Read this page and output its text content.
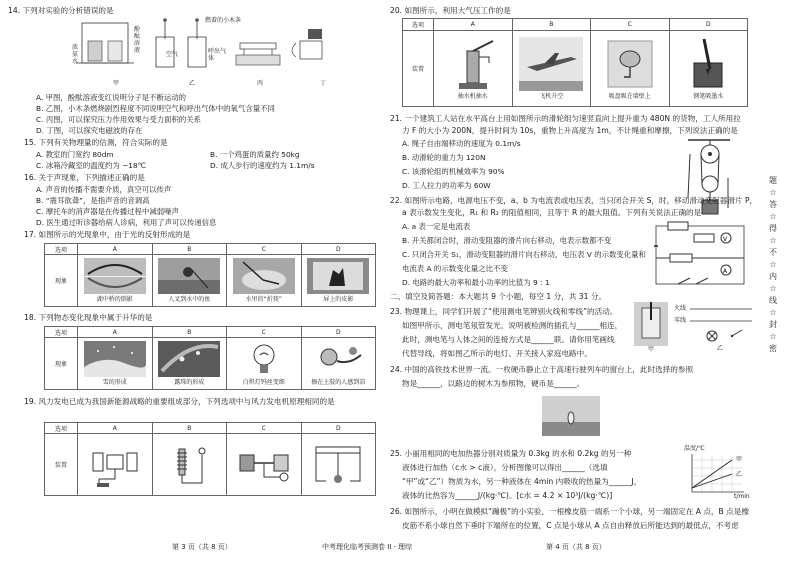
14. 下列对实验的分析错误的是
浓氨水
酚酞溶液
燃着的小木条
空气	呼出气体
甲	乙	丙	丁
A. 甲图，酚酞溶液变红说明分子是不断运动的
B. 乙图，小木条燃烧剧烈程度不同说明空气和呼出气体中的氧气含量不同
C. 丙图，可以探究压力作用效果与受力面积的关系
D. 丁图，可以探究电磁波的存在
15. 下列有关物理量的估测，符合实际的是
A. 教室的门宽约 80dm	B. 一个鸡蛋的质量约 50kg
C. 冰箱冷藏室的温度约为 −18℃	D. 成人步行的速度约为 1.1m/s
16. 关于声现象，下列描述正确的是
A. 声音的传播不需要介质，真空可以传声
B. “震耳欲聋”，是指声音的音调高
C. 摩托车的消声器是在传播过程中减弱噪声
D. 医生通过听诊器给病人诊病，利用了声可以传递信息
17. 如图所示的光现象中，由于光的反射形成的是
选项	A	B	C	D
现象	湖中桥的倒影	人叉到水中的鱼	水里的“折筷”	屏上的皮影
18. 下列物态变化现象中属于升华的是
选项	A	B	C	D
现象	雪的形成	露珠的形成	白炽灯钨丝变细	擦在上肢的人感到凉
19. 风力发电已成为我国新能源战略的重要组成部分，下列选项中与风力发电机原理相同的是
选项	A	B	C	D
装置	

第 3 页（共 8 页）	中考理化临考预测卷 II · 理综
20. 如图所示，利用大气压工作的是
选项	A	B	C	D
装置	抽水机抽水	飞机升空	吸盘吸在墙壁上	钢笔吸墨水
21. 一个建筑工人站在水平高台上用如图所示的滑轮组匀速竖直向上提升重为 480N 的货物，工人所用拉
力 F 的大小为 200N，提升时间为 10s，重物上升高度为 1m，不计绳重和摩擦，下列说法正确的是
A. 绳子自由端移动的速度为 0.1m/s
B. 动滑轮的重力为 120N
C. 该滑轮组的机械效率为 90%
D. 工人拉力的功率为 60W
22. 如图所示电路，电源电压不变，a、b 为电流表或电压表，当只闭合开关 S，时，移动滑动变阻器滑片 P，
a 表示数发生变化，R₁ 和 R₂ 的阻值相同，且等于 R 的最大阻值。下列有关说法正确的是
A. a 表一定是电流表
B. 开关都闭合时，滑动变阻器的滑片向右移动，电表示数都不变
C. 只闭合开关 S₁，滑动变阻器的滑片向右移动，电压表 V 的示数变化量和
电流表 A 的示数变化量之比不变
D. 电路的最大功率和最小功率的比值为 9 : 1
V
A
二、填空及简答题：本大题共 9 个小题，每空 1 分，共 31 分。
23. 物理课上，同学们开展了“使用测电笔辨别火线和零线”的活动。
如图甲所示，测电笔氖管发光，说明被检测的插孔与______相连，
此时，测电笔与人体之间的连接方式是______联。请你用笔画线
代替导线，将如图乙所示的电灯、开关接入家庭电路中。	甲
火线
零线
乙
24. 中国的高铁技术世界一流。一枚硬币静止立于高速行驶列车的窗台上，此时选择的参照
物是______，以路边的树木为参照物，硬币是______。
25. 小丽用相同的电加热器分别对质量为 0.3kg 的水和 0.2kg 的另一种
液体进行加热（c水 > c液），分析图像可以得出______（选填
“甲”或“乙”）物质为水，另一种液体在 4min 内吸收的热量为______J，
液体的比热容为______J/(kg·℃)。[c水 = 4.2 × 10³J/(kg·℃)]
温度/℃
甲
乙
t/min
26. 如图所示，小明在做模拟“蹦极”的小实验，一根橡皮筋一端系一个小球，另一端固定在 A 点，B 点是橡
皮筋不系小球自然下垂时下端所在的位置，C 点是小球从 A 点自由释放后所能达到的最低点，不考虑
第 4 页（共 8 页）
题
☆
答
☆
得
☆
不
☆
内
☆
线
☆
封
☆
密
